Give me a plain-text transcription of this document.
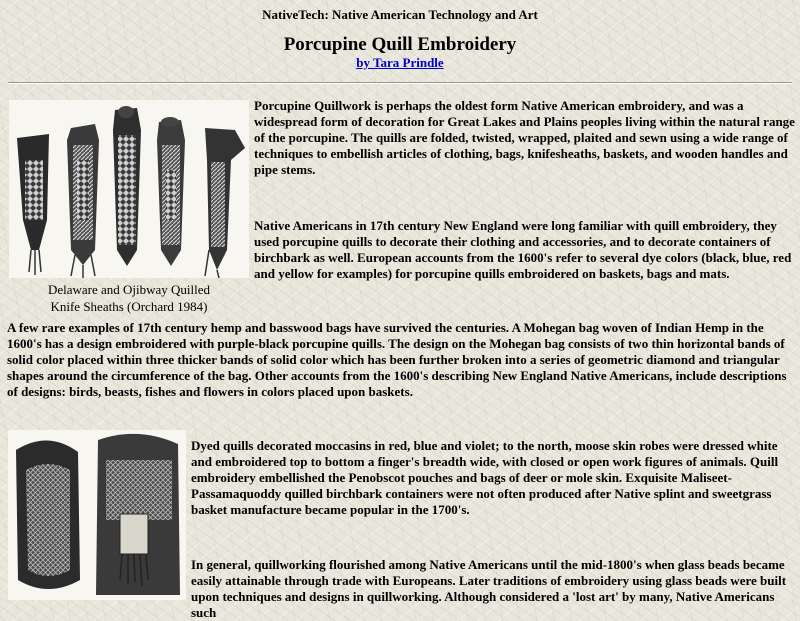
NativeTech: Native American Technology and Art
Porcupine Quill Embroidery
by Tara Prindle
Delaware and Ojibway Quilled
Knife Sheaths (Orchard 1984)

Porcupine Quillwork is perhaps the oldest form Native American embroidery, and was a widespread form of decoration for Great Lakes and Plains peoples living within the natural range of the porcupine. The quills are folded, twisted, wrapped, plaited and sewn using a wide range of techniques to embellish articles of clothing, bags, knifesheaths, baskets, and wooden handles and pipe stems.

Native Americans in 17th century New England were long familiar with quill embroidery, they used porcupine quills to decorate their clothing and accessories, and to decorate containers of birchbark as well. European accounts from the 1600's refer to several dye colors (black, blue, red and yellow for examples) for porcupine quills embroidered on baskets, bags and mats.

A few rare examples of 17th century hemp and basswood bags have survived the centuries. A Mohegan bag woven of Indian Hemp in the 1600's has a design embroidered with purple-black porcupine quills. The design on the Mohegan bag consists of two thin horizontal bands of solid color placed within three thicker bands of solid color which has been further broken into a series of geometric diamond and triangular shapes around the circumference of the bag. Other accounts from the 1600's describing New England Native Americans, include descriptions of designs: birds, beasts, fishes and flowers in colors placed upon baskets.

Dyed quills decorated moccasins in red, blue and violet; to the north, moose skin robes were dressed white and embroidered top to bottom a finger's breadth wide, with closed or open work figures of animals. Quill embroidery embellished the Penobscot pouches and bags of deer or mole skin. Exquisite Maliseet-Passamaquoddy quilled birchbark containers were not often produced after Native splint and sweetgrass basket manufacture became popular in the 1700's.

In general, quillworking flourished among Native Americans until the mid-1800's when glass beads became easily attainable through trade with Europeans. Later traditions of embroidery using glass beads were built upon techniques and designs in quillworking. Although considered a 'lost art' by many, Native Americans such
